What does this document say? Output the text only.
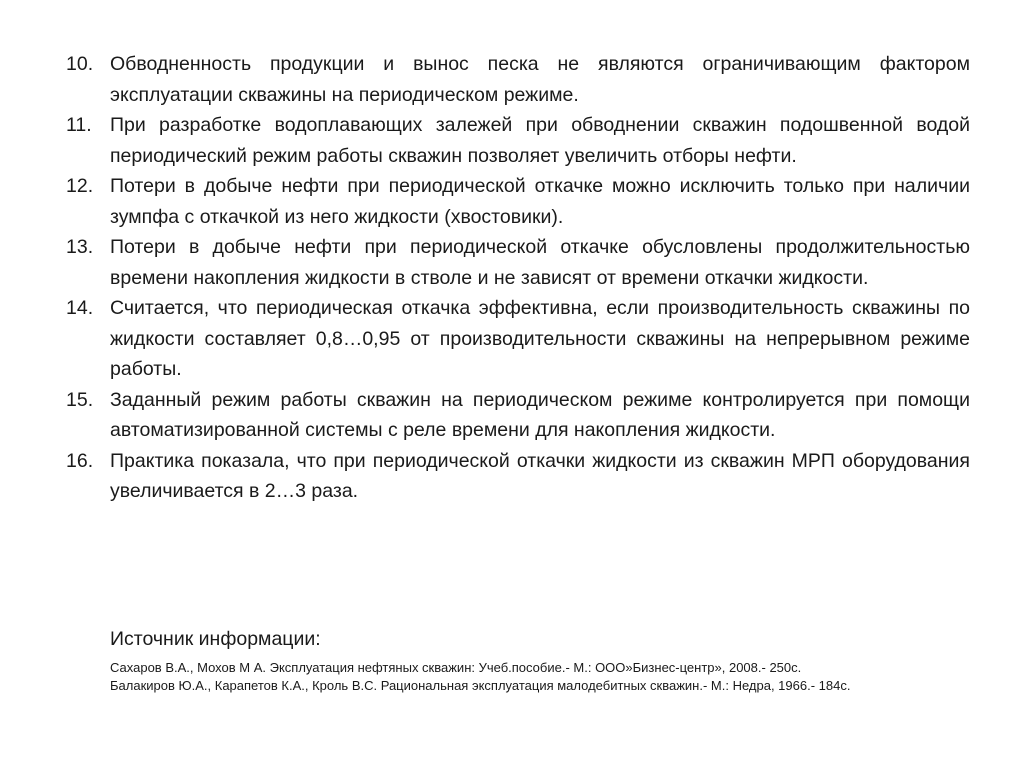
10. Обводненность продукции и вынос песка не являются ограничивающим фактором эксплуатации скважины на периодическом режиме.
11. При разработке водоплавающих залежей при обводнении скважин подошвенной водой периодический режим работы скважин позволяет увеличить отборы нефти.
12. Потери в добыче нефти при периодической откачке можно исключить только при наличии зумпфа с откачкой из него жидкости (хвостовики).
13. Потери в добыче нефти при периодической откачке обусловлены продолжительностью времени накопления жидкости в стволе и не зависят от времени откачки жидкости.
14. Считается, что периодическая откачка эффективна, если производительность скважины по жидкости составляет 0,8…0,95 от производительности скважины на непрерывном режиме работы.
15. Заданный режим работы скважин на периодическом режиме контролируется при помощи автоматизированной системы с реле времени для накопления жидкости.
16. Практика показала, что при периодической откачки жидкости из скважин МРП оборудования увеличивается в 2…3 раза.
Источник информации:
Сахаров В.А., Мохов М А. Эксплуатация нефтяных скважин: Учеб.пособие.- М.: ООО»Бизнес-центр», 2008.- 250с.
Балакиров Ю.А., Карапетов К.А., Кроль В.С. Рациональная эксплуатация малодебитных скважин.- М.: Недра, 1966.- 184с.
